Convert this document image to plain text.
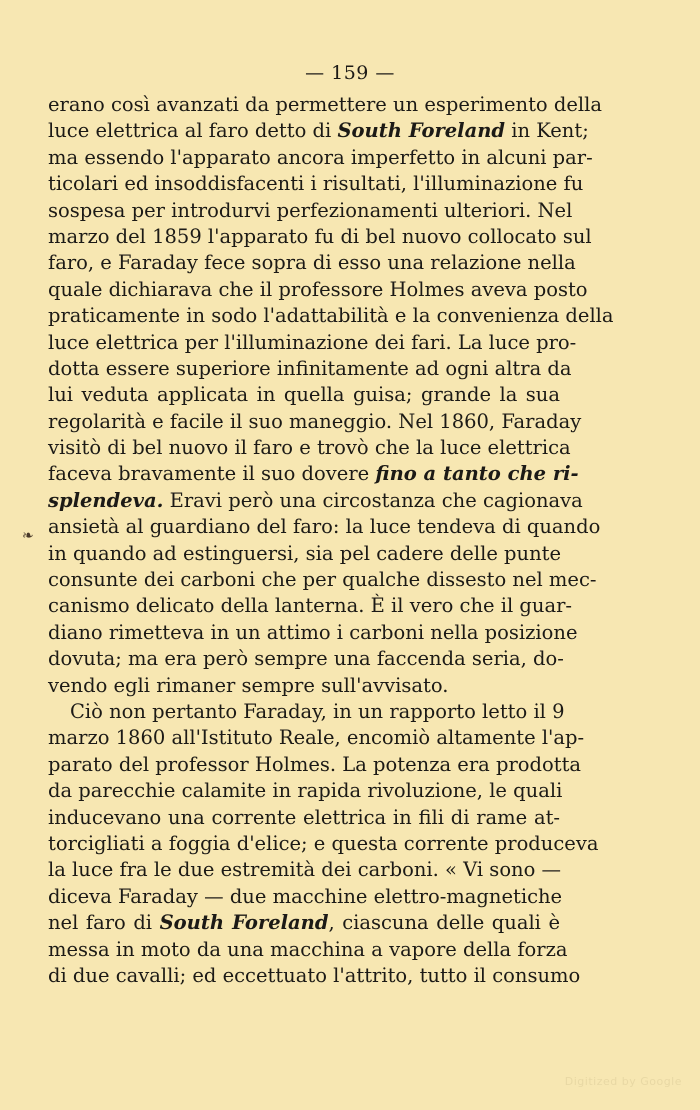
— 159 —
❧
erano così avanzati da permettere un esperimento della
luce elettrica al faro detto di South Foreland in Kent;
ma essendo l'apparato ancora imperfetto in alcuni par-
ticolari ed insoddisfacenti i risultati, l'illuminazione fu
sospesa per introdurvi perfezionamenti ulteriori. Nel
marzo del 1859 l'apparato fu di bel nuovo collocato sul
faro, e Faraday fece sopra di esso una relazione nella
quale dichiarava che il professore Holmes aveva posto
praticamente in sodo l'adattabilità e la convenienza della
luce elettrica per l'illuminazione dei fari. La luce pro-
dotta essere superiore infinitamente ad ogni altra da
lui veduta applicata in quella guisa; grande la sua
regolarità e facile il suo maneggio. Nel 1860, Faraday
visitò di bel nuovo il faro e trovò che la luce elettrica
faceva bravamente il suo dovere fino a tanto che ri-
splendeva. Eravi però una circostanza che cagionava
ansietà al guardiano del faro: la luce tendeva di quando
in quando ad estinguersi, sia pel cadere delle punte
consunte dei carboni che per qualche dissesto nel mec-
canismo delicato della lanterna. È il vero che il guar-
diano rimetteva in un attimo i carboni nella posizione
dovuta; ma era però sempre una faccenda seria, do-
vendo egli rimaner sempre sull'avvisato.
Ciò non pertanto Faraday, in un rapporto letto il 9
marzo 1860 all'Istituto Reale, encomiò altamente l'ap-
parato del professor Holmes. La potenza era prodotta
da parecchie calamite in rapida rivoluzione, le quali
inducevano una corrente elettrica in fili di rame at-
torcigliati a foggia d'elice; e questa corrente produceva
la luce fra le due estremità dei carboni. « Vi sono —
diceva Faraday — due macchine elettro-magnetiche
nel faro di South Foreland, ciascuna delle quali è
messa in moto da una macchina a vapore della forza
di due cavalli; ed eccettuato l'attrito, tutto il consumo
Digitized by Google
